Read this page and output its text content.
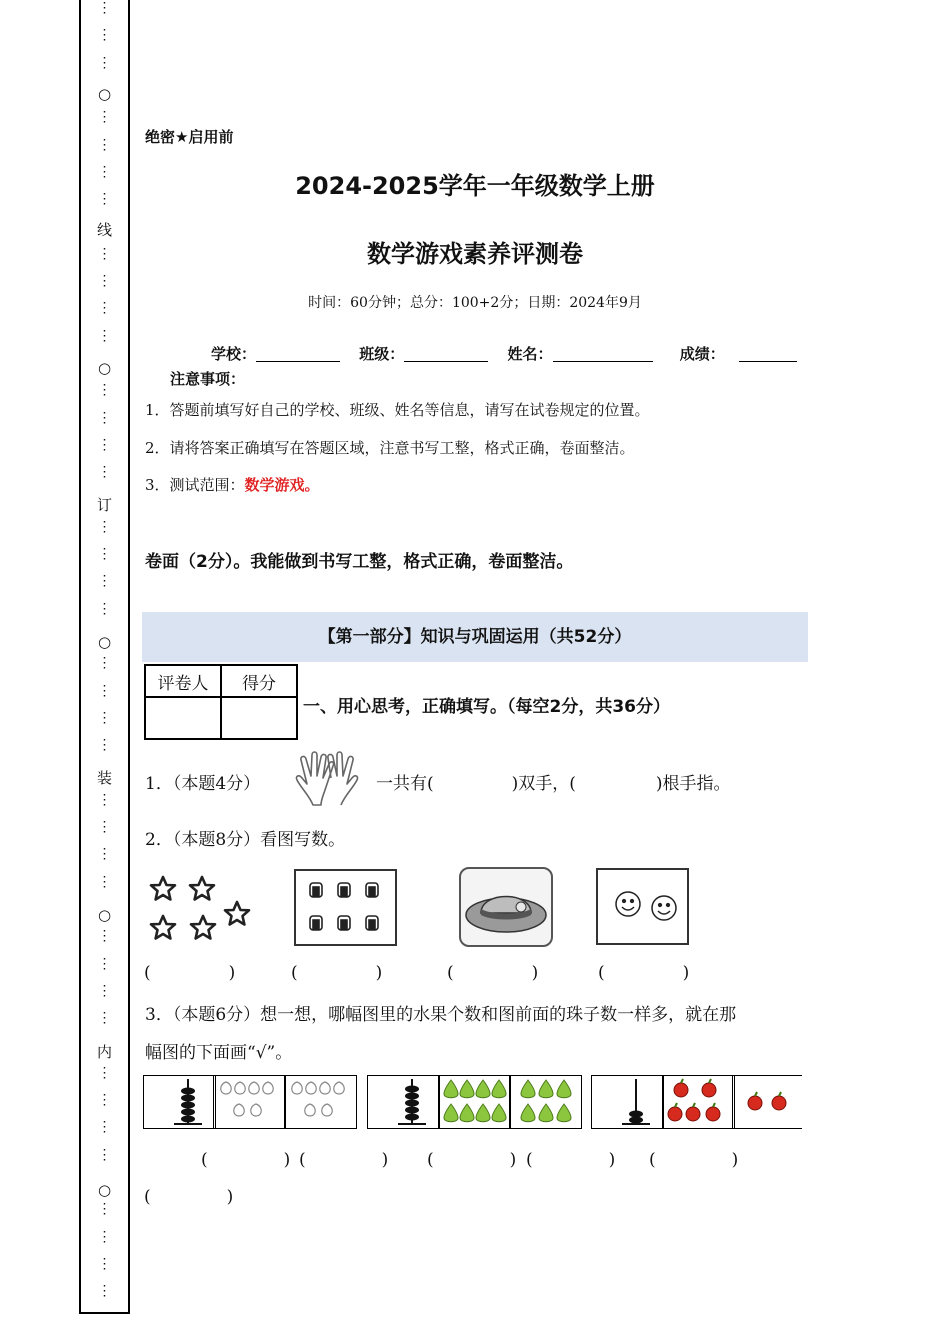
⋮
⋮
⋮
⋮
⋮
⋮
⋮
⋮
⋮
⋮
⋮
⋮
⋮
⋮
⋮
⋮
⋮
⋮
⋮
⋮
⋮
⋮
⋮
⋮
⋮
⋮
⋮
⋮
⋮
⋮
⋮
⋮
⋮
⋮
⋮
⋮
⋮
⋮
⋮
○
线
○
订
○
装
○
内
○
绝密★启用前
2024-2025学年一年级数学上册
数学游戏素养评测卷
时间：60分钟；总分：100+2分；日期：2024年9月
学校：	班级：	姓名：	成绩：
注意事项：
1．答题前填写好自己的学校、班级、姓名等信息，请写在试卷规定的位置。
2．请将答案正确填写在答题区域，注意书写工整，格式正确，卷面整洁。
3．测试范围：数学游戏。
卷面（2分）。我能做到书写工整，格式正确，卷面整洁。
【第一部分】知识与巩固运用（共52分）
评卷人	得分

一、用心思考，正确填写。（每空2分，共36分）
1．（本题4分）	一共有(	)双手，(	)根手指。
2．（本题8分）看图写数。
(	)	(	)	(	)	(	)
3．（本题6分）想一想，哪幅图里的水果个数和图前面的珠子数一样多，就在那
幅图的下面画“√”。
(	) (	) (	) (	) (	)
(	)
